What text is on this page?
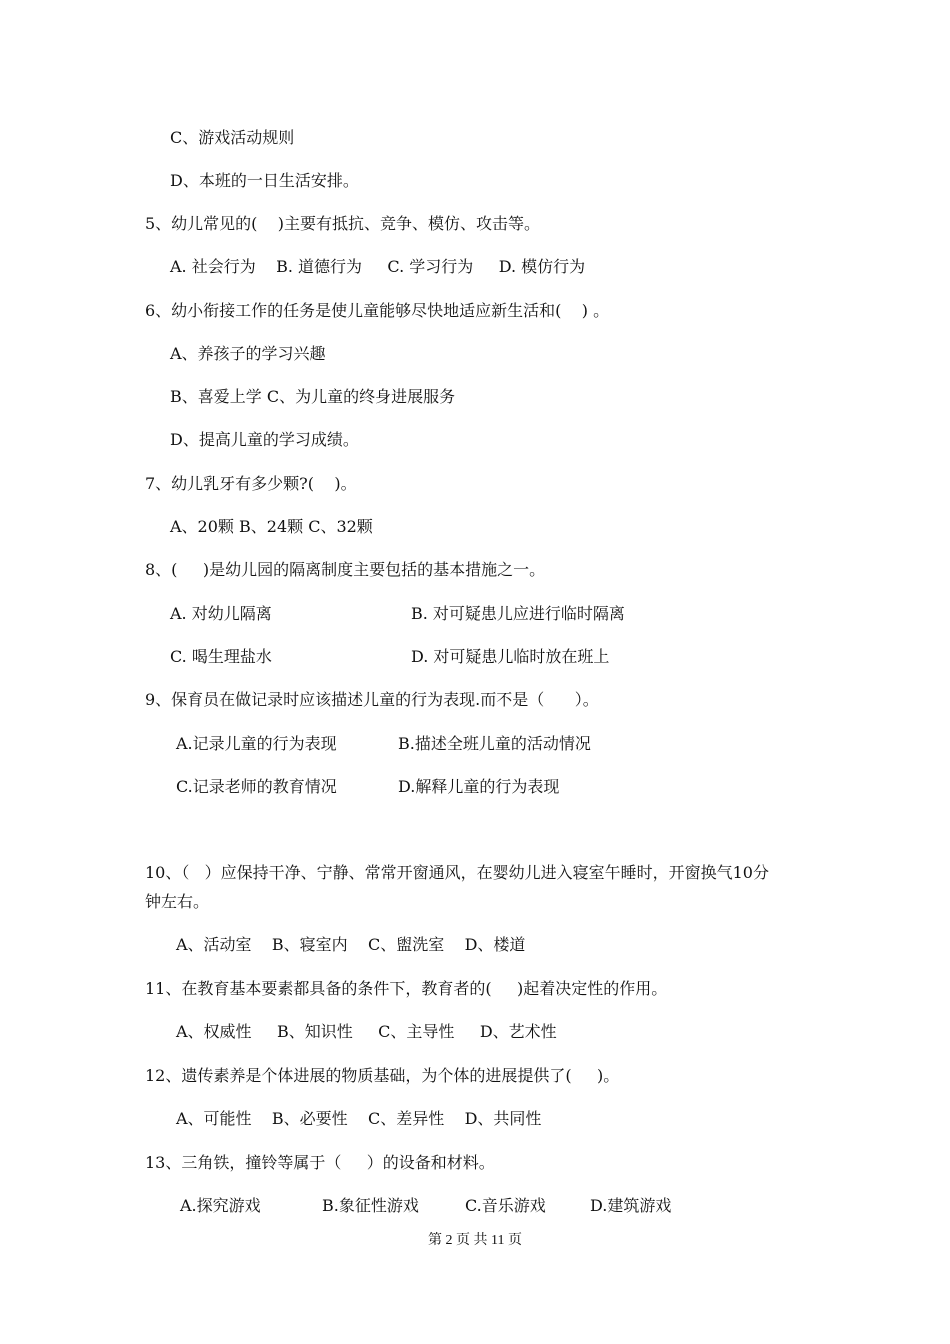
C、游戏活动规则
D、本班的一日生活安排。
5、幼儿常见的(    )主要有抵抗、竞争、模仿、攻击等。
A. 社会行为    B. 道德行为     C. 学习行为     D. 模仿行为
6、幼小衔接工作的任务是使儿童能够尽快地适应新生活和(    ) 。
A、养孩子的学习兴趣
B、喜爱上学 C、为儿童的终身进展服务
D、提高儿童的学习成绩。
7、幼儿乳牙有多少颗?(    )。
A、20颗 B、24颗 C、32颗
8、(     )是幼儿园的隔离制度主要包括的基本措施之一。
A. 对幼儿隔离	B. 对可疑患儿应进行临时隔离
C. 喝生理盐水	D. 对可疑患儿临时放在班上
9、保育员在做记录时应该描述儿童的行为表现.而不是（      ）。
A.记录儿童的行为表现	B.描述全班儿童的活动情况
C.记录老师的教育情况	D.解释儿童的行为表现
10、（   ）应保持干净、宁静、常常开窗通风，在婴幼儿进入寝室午睡时，开窗换气10分
钟左右。
A、活动室    B、寝室内    C、盥洗室    D、楼道
11、在教育基本要素都具备的条件下，教育者的(     )起着决定性的作用。
A、权威性     B、知识性     C、主导性     D、艺术性
12、遗传素养是个体进展的物质基础，为个体的进展提供了(     )。
A、可能性    B、必要性    C、差异性    D、共同性
13、三角铁，撞铃等属于（     ）的设备和材料。
A.探究游戏	B.象征性游戏	C.音乐游戏	D.建筑游戏
第 2 页 共 11 页
